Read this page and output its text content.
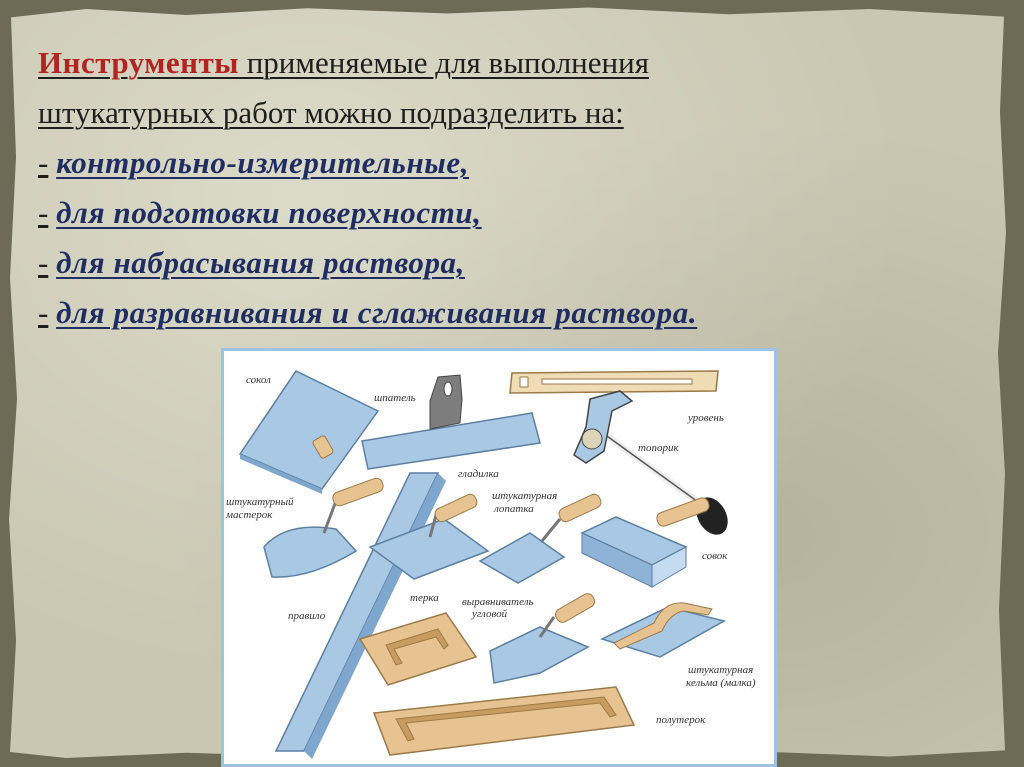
Инструменты применяемые для выполнения
штукатурных работ можно подразделить на:
- контрольно-измерительные,
- для подготовки поверхности,
- для набрасывания раствора,
- для разравнивания и сглаживания раствора.
сокол
шпатель
уровень
топорик
гладилка
штукатурный
мастерок
штукатурная
лопатка
совок
правило
терка выравниватель
угловой
штукатурная
кельма (малка)
полутерок
